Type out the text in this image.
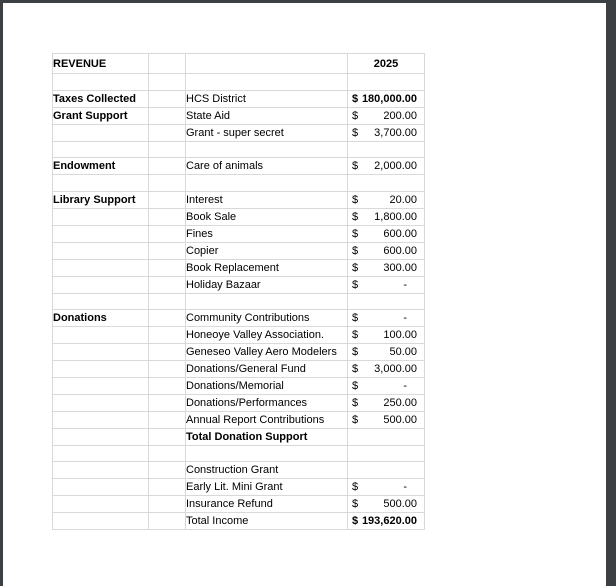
REVENUE			2025

Taxes Collected		HCS District	$ 180,000.00

Grant Support		State Aid	$ 200.00

		Grant - super secret	$ 3,700.00

Endowment		Care of animals	$ 2,000.00

Library Support		Interest	$ 20.00

		Book Sale	$ 1,800.00

		Fines	$ 600.00

		Copier	$ 600.00

		Book Replacement	$ 300.00

		Holiday Bazaar	$ -

Donations		Community Contributions	$ -

		Honeoye Valley Association.	$ 100.00

		Geneseo Valley Aero Modelers	$ 50.00

		Donations/General Fund	$ 3,000.00

		Donations/Memorial	$ -

		Donations/Performances	$ 250.00

		Annual Report Contributions	$ 500.00

		Total Donation Support	

		Construction Grant	
		Early Lit. Mini Grant	$ -

		Insurance Refund	$ 500.00

		Total Income	$ 193,620.00
